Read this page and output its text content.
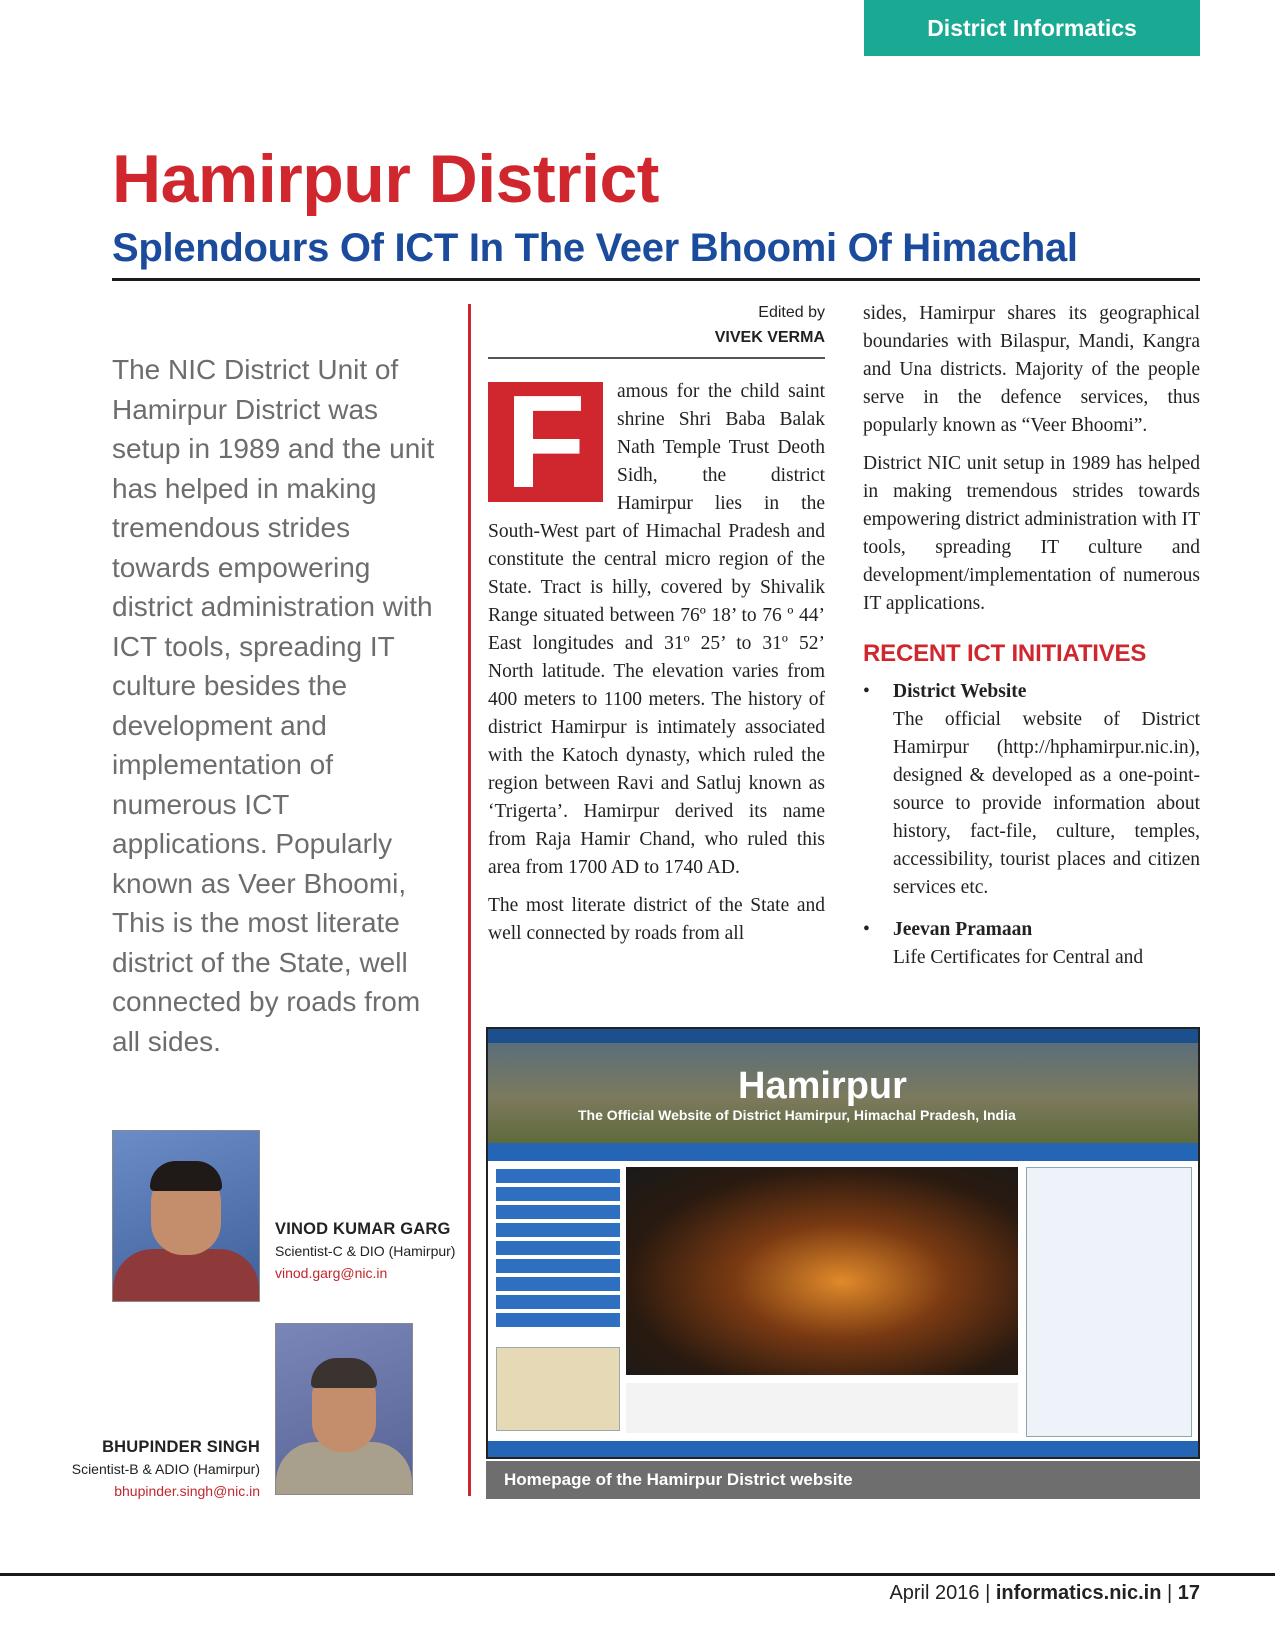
District Informatics
Hamirpur District
Splendours Of ICT In The Veer Bhoomi Of Himachal

The NIC District Unit of Hamirpur District was setup in 1989 and the unit has helped in making tremendous strides towards empowering district administration with ICT tools, spreading IT culture besides the development and implementation of numerous ICT applications. Popularly known as Veer Bhoomi, This is the most literate district of the State, well connected by roads from all sides.

Edited by
VIVEK VERMA

F	amous for the child saint shrine Shri Baba Balak Nath Temple Trust Deoth Sidh, the district Hamirpur lies in the South-West part of Himachal Pradesh and constitute the central micro region of the State. Tract is hilly, covered by Shivalik Range situated between 76º 18’ to 76 º 44’ East longitudes and 31º 25’ to 31º 52’ North latitude. The elevation varies from 400 meters to 1100 meters. The history of district Hamirpur is intimately associated with the Katoch dynasty, which ruled the region between Ravi and Satluj known as ‘Trigerta’. Hamirpur derived its name from Raja Hamir Chand, who ruled this area from 1700 AD to 1740 AD.

The most literate district of the State and well connected by roads from all

sides, Hamirpur shares its geographical boundaries with Bilaspur, Mandi, Kangra and Una districts. Majority of the people serve in the defence services, thus popularly known as “Veer Bhoomi”.

District NIC unit setup in 1989 has helped in making tremendous strides towards empowering district administration with IT tools, spreading IT culture and development/implementation of numerous IT applications.

RECENT ICT INITIATIVES
• District Website
The official website of District Hamirpur (http://hphamirpur.nic.in), designed & developed as a one-point-source to provide information about history, fact-file, culture, temples, accessibility, tourist places and citizen services etc.
• Jeevan Pramaan
Life Certificates for Central and
Hamirpur
The Official Website of District Hamirpur, Himachal Pradesh, India
Homepage of the Hamirpur District website
VINOD KUMAR GARG
Scientist-C & DIO (Hamirpur)
vinod.garg@nic.in
BHUPINDER SINGH
Scientist-B & ADIO (Hamirpur)
bhupinder.singh@nic.in
April 2016 | informatics.nic.in | 17
